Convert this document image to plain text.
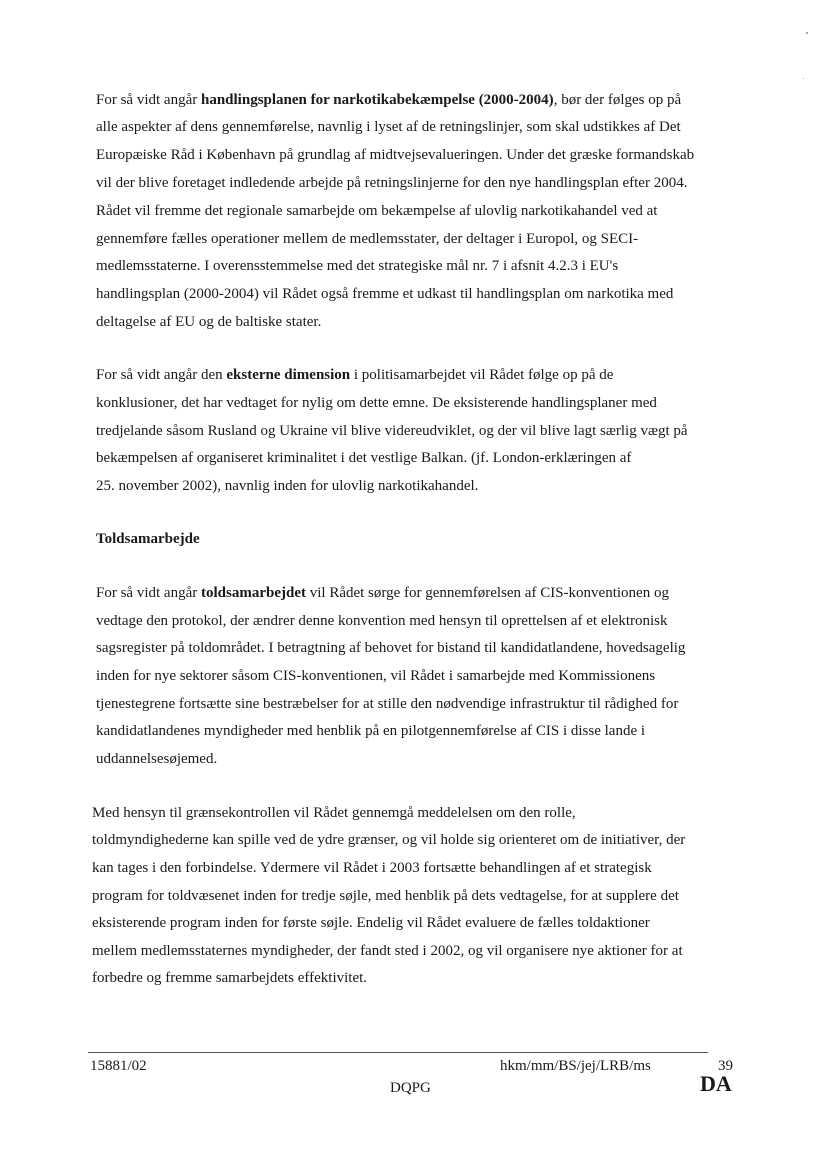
For så vidt angår handlingsplanen for narkotikabekæmpelse (2000-2004), bør der følges op på
alle aspekter af dens gennemførelse, navnlig i lyset af de retningslinjer, som skal udstikkes af Det
Europæiske Råd i København på grundlag af midtvejsevalueringen. Under det græske formandskab
vil der blive foretaget indledende arbejde på retningslinjerne for den nye handlingsplan efter 2004.
Rådet vil fremme det regionale samarbejde om bekæmpelse af ulovlig narkotikahandel ved at
gennemføre fælles operationer mellem de medlemsstater, der deltager i Europol, og SECI-
medlemsstaterne. I overensstemmelse med det strategiske mål nr. 7 i afsnit 4.2.3 i EU's
handlingsplan (2000-2004) vil Rådet også fremme et udkast til handlingsplan om narkotika med
deltagelse af EU og de baltiske stater.
For så vidt angår den eksterne dimension i politisamarbejdet vil Rådet følge op på de
konklusioner, det har vedtaget for nylig om dette emne. De eksisterende handlingsplaner med
tredjelande såsom Rusland og Ukraine vil blive videreudviklet, og der vil blive lagt særlig vægt på
bekæmpelsen af organiseret kriminalitet i det vestlige Balkan. (jf. London-erklæringen af
25. november 2002), navnlig inden for ulovlig narkotikahandel.
Toldsamarbejde
For så vidt angår toldsamarbejdet vil Rådet sørge for gennemførelsen af CIS-konventionen og
vedtage den protokol, der ændrer denne konvention med hensyn til oprettelsen af et elektronisk
sagsregister på toldområdet. I betragtning af behovet for bistand til kandidatlandene, hovedsagelig
inden for nye sektorer såsom CIS-konventionen, vil Rådet i samarbejde med Kommissionens
tjenestegrene fortsætte sine bestræbelser for at stille den nødvendige infrastruktur til rådighed for
kandidatlandenes myndigheder med henblik på en pilotgennemførelse af CIS i disse lande i
uddannelsesøjemed.
Med hensyn til grænsekontrollen vil Rådet gennemgå meddelelsen om den rolle,
toldmyndighederne kan spille ved de ydre grænser, og vil holde sig orienteret om de initiativer, der
kan tages i den forbindelse. Ydermere vil Rådet i 2003 fortsætte behandlingen af et strategisk
program for toldvæsenet inden for tredje søjle, med henblik på dets vedtagelse, for at supplere det
eksisterende program inden for første søjle. Endelig vil Rådet evaluere de fælles toldaktioner
mellem medlemsstaternes myndigheder, der fandt sted i 2002, og vil organisere nye aktioner for at
forbedre og fremme samarbejdets effektivitet.
15881/02	hkm/mm/BS/jej/LRB/ms	39
DQPG	DA
